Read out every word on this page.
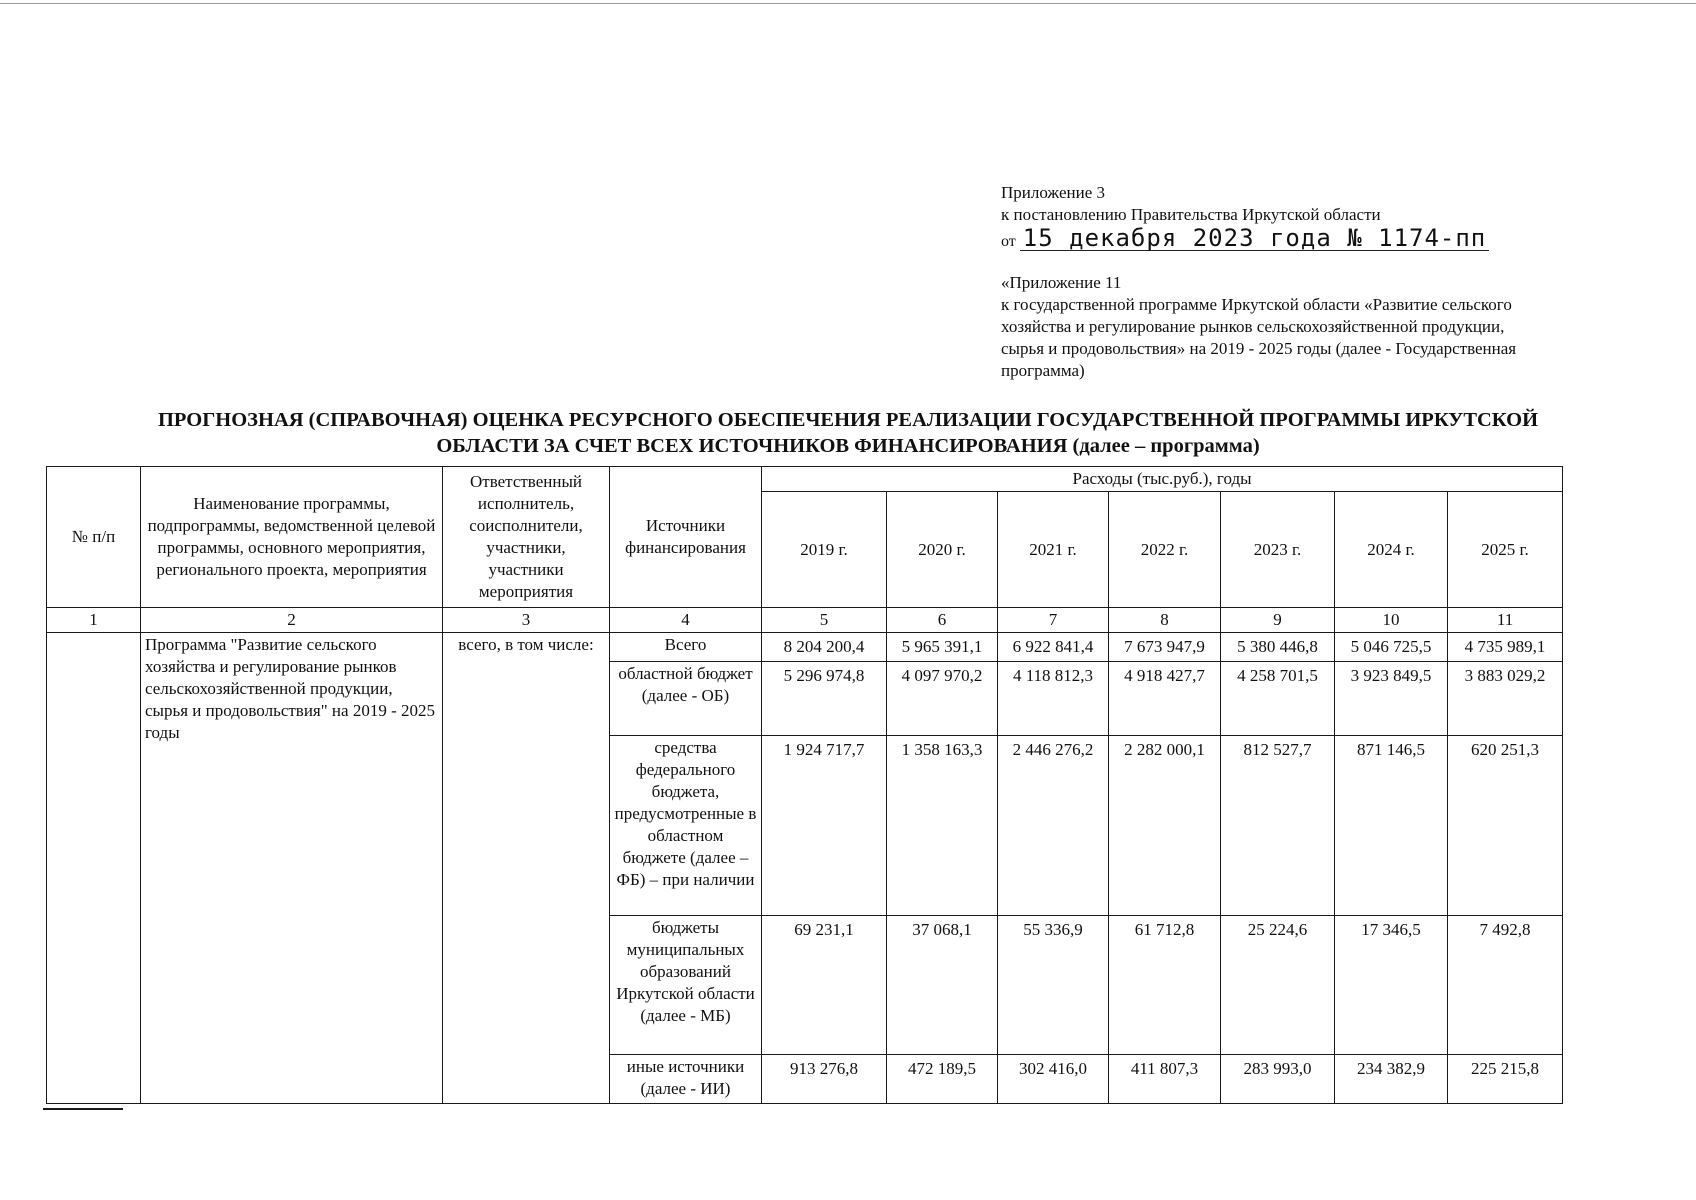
Приложение 3
к постановлению Правительства Иркутской области
от 15 декабря 2023 года № 1174-пп
«Приложение 11
к государственной программе Иркутской области «Развитие сельского
хозяйства и регулирование рынков сельскохозяйственной продукции,
сырья и продовольствия» на 2019 - 2025 годы (далее - Государственная
программа)
ПРОГНОЗНАЯ (СПРАВОЧНАЯ) ОЦЕНКА РЕСУРСНОГО ОБЕСПЕЧЕНИЯ РЕАЛИЗАЦИИ ГОСУДАРСТВЕННОЙ ПРОГРАММЫ ИРКУТСКОЙ
ОБЛАСТИ ЗА СЧЕТ ВСЕХ ИСТОЧНИКОВ ФИНАНСИРОВАНИЯ (далее – программа)
№ п/п	Наименование программы, подпрограммы, ведомственной целевой программы, основного мероприятия, регионального проекта, мероприятия	Ответственный исполнитель, соисполнители, участники, участники мероприятия	Источники финансирования	Расходы (тыс.руб.), годы						
				2019 г.	2020 г.	2021 г.	2022 г.	2023 г.	2024 г.	2025 г.
1	2	3	4	5	6	7	8	9	10	11
	Программа "Развитие сельского хозяйства и регулирование рынков сельскохозяйственной продукции, сырья и продовольствия" на 2019 - 2025 годы	всего, в том числе:	Всего	8 204 200,4	5 965 391,1	6 922 841,4	7 673 947,9	5 380 446,8	5 046 725,5	4 735 989,1
			областной бюджет (далее - ОБ)	5 296 974,8	4 097 970,2	4 118 812,3	4 918 427,7	4 258 701,5	3 923 849,5	3 883 029,2
			средства федерального бюджета, предусмотренные в областном бюджете (далее – ФБ) – при наличии	1 924 717,7	1 358 163,3	2 446 276,2	2 282 000,1	812 527,7	871 146,5	620 251,3
			бюджеты муниципальных образований Иркутской области (далее - МБ)	69 231,1	37 068,1	55 336,9	61 712,8	25 224,6	17 346,5	7 492,8
			иные источники (далее - ИИ)	913 276,8	472 189,5	302 416,0	411 807,3	283 993,0	234 382,9	225 215,8
